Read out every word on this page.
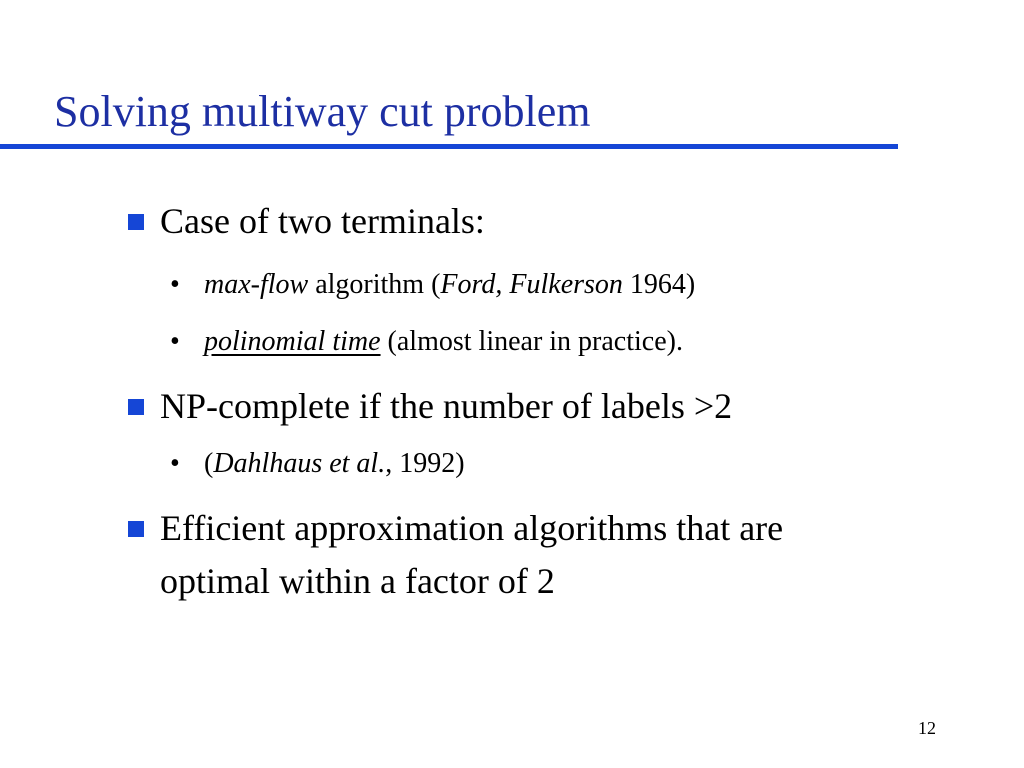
Solving multiway cut problem
Case of two terminals:
• max-flow algorithm (Ford, Fulkerson 1964)
• polinomial time (almost linear in practice).
NP-complete if the number of labels >2
• (Dahlhaus et al., 1992)
Efficient approximation algorithms that are
optimal within a factor of 2
12
